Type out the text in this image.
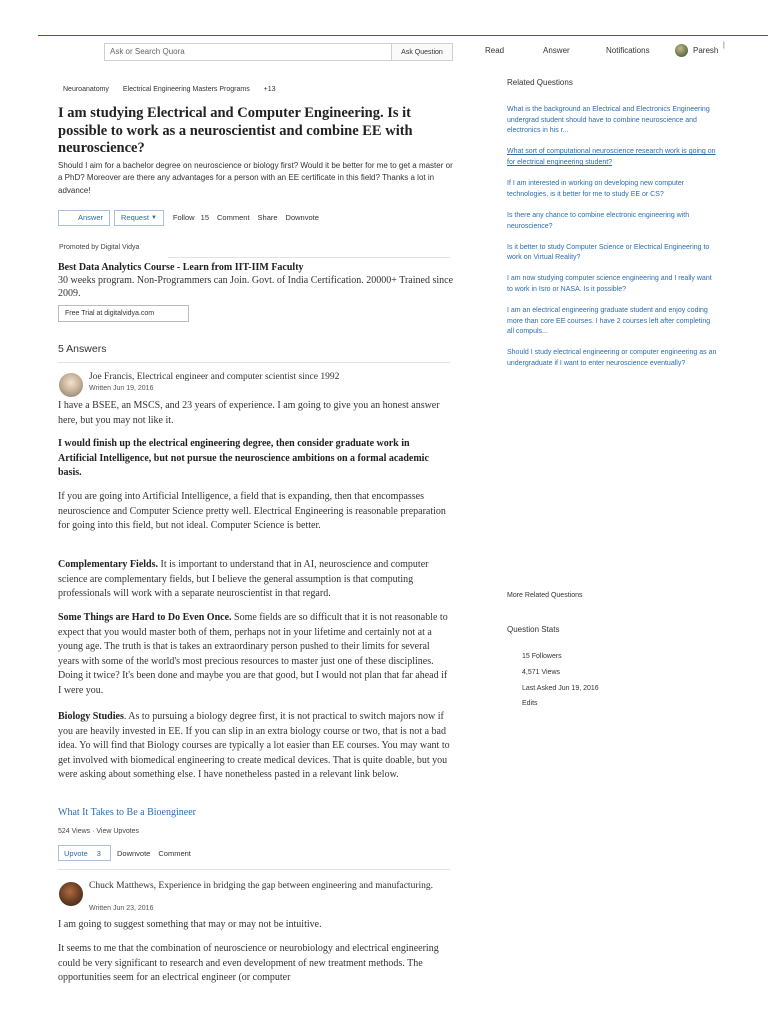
Ask or Search Quora	Ask Question	Read	Answer	Notifications	Paresh
|
Neuroanatomy Electrical Engineering Masters Programs +13
I am studying Electrical and Computer Engineering. Is it possible to work as a neuroscientist and combine EE with neuroscience?
Should I aim for a bachelor degree on neuroscience or biology first? Would it be better for me to get a master or a PhD? Moreover are there any advantages for a person with an EE certificate in this field? Thanks a lot in advance!
Answer	Request ▼ Follow 15 Comment Share Downvote
Promoted by Digital Vidya
Best Data Analytics Course - Learn from IIT-IIM Faculty
30 weeks program. Non-Programmers can Join. Govt. of India Certification. 20000+ Trained since 2009.
Free Trial at digitalvidya.com
5 Answers
Joe Francis, Electrical engineer and computer scientist since 1992
Written Jun 19, 2016
I have a BSEE, an MSCS, and 23 years of experience. I am going to give you an honest answer here, but you may not like it.
I would finish up the electrical engineering degree, then consider graduate work in Artificial Intelligence, but not pursue the neuroscience ambitions on a formal academic basis.
If you are going into Artificial Intelligence, a field that is expanding, then that encompasses neuroscience and Computer Science pretty well. Electrical Engineering is reasonable preparation for going into this field, but not ideal. Computer Science is better.
Complementary Fields. It is important to understand that in AI, neuroscience and computer science are complementary fields, but I believe the general assumption is that computing professionals will work with a separate neuroscientist in that regard.
Some Things are Hard to Do Even Once. Some fields are so difficult that it is not reasonable to expect that you would master both of them, perhaps not in your lifetime and certainly not at a young age. The truth is that is takes an extraordinary person pushed to their limits for several years with some of the world's most precious resources to master just one of these disciplines. Doing it twice? It's been done and maybe you are that good, but I would not plan that far ahead if I were you.
Biology Studies. As to pursuing a biology degree first, it is not practical to switch majors now if you are heavily invested in EE. If you can slip in an extra biology course or two, that is not a bad idea. Yo will find that Biology courses are typically a lot easier than EE courses. You may want to get involved with biomedical engineering to create medical devices. That is quite doable, but you were asking about something else. I have nonetheless pasted in a relevant link below.
What It Takes to Be a Bioengineer
524 Views · View Upvotes
Upvote 3 Downvote Comment
Chuck Matthews, Experience in bridging the gap between engineering and manufacturing.
Written Jun 23, 2016
I am going to suggest something that may or may not be intuitive.
It seems to me that the combination of neuroscience or neurobiology and electrical engineering could be very significant to research and even development of new treatment methods. The opportunities seem for an electrical engineer (or computer
Related Questions
What is the background an Electrical and Electronics Engineering undergrad student should have to combine neuroscience and electronics in his r...
What sort of computational neuroscience research work is going on for electrical engineering student?
If I am interested in working on developing new computer technologies, is it better for me to study EE or CS?
Is there any chance to combine electronic engineering with neuroscience?
Is it better to study Computer Science or Electrical Engineering to work on Virtual Reality?
I am now studying computer science engineering and I really want to work in Isro or NASA. Is it possible?
I am an electrical engineering graduate student and enjoy coding more than core EE courses. I have 2 courses left after completing all compuls...
Should I study electrical engineering or computer engineering as an undergraduate if I want to enter neuroscience eventually?
More Related Questions
Question Stats
15 Followers
4,571 Views
Last Asked Jun 19, 2016
Edits
